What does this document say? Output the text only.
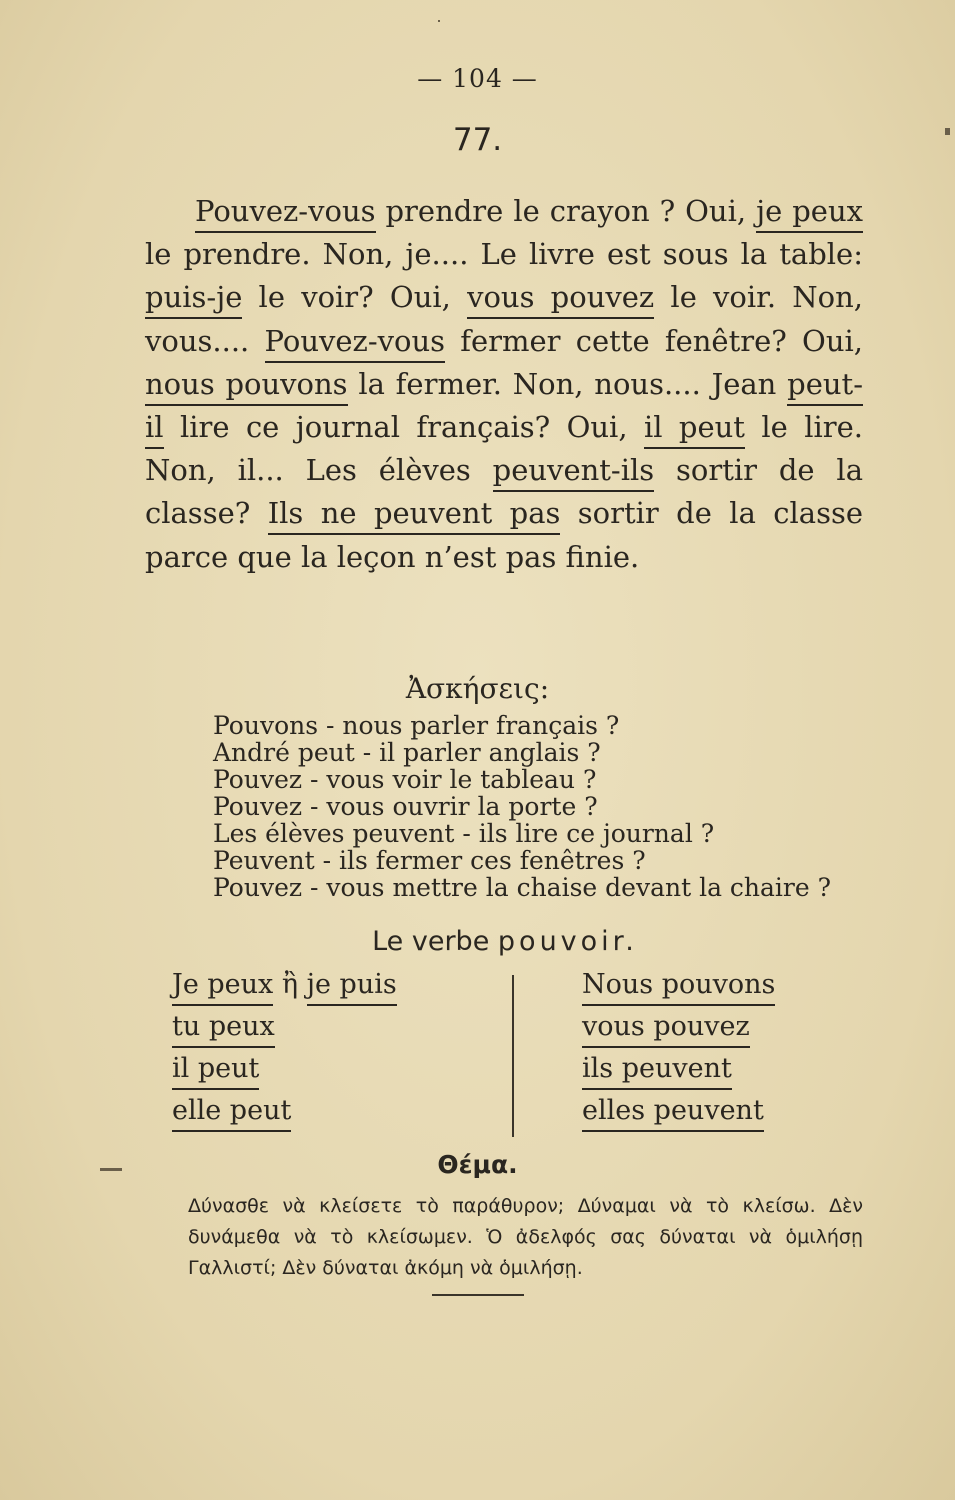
— 104 —
77.

Pouvez-vous prendre le crayon ? Oui, je peux le prendre. Non, je.... Le livre est sous la table: puis-je le voir? Oui, vous pouvez le voir. Non, vous.... Pouvez-vous fermer cette fenêtre? Oui, nous pouvons la fermer. Non, nous.... Jean peut-il lire ce journal français? Oui, il peut le lire. Non, il... Les élèves peuvent-ils sortir de la classe? Ils ne peuvent pas sortir de la classe parce que la leçon n’est pas finie.

Ἀσκήσεις:
Pouvons - nous parler français ?
André peut - il parler anglais ?
Pouvez - vous voir le tableau ?
Pouvez - vous ouvrir la porte ?
Les élèves peuvent - ils lire ce journal ?
Peuvent - ils fermer ces fenêtres ?
Pouvez - vous mettre la chaise devant la chaire ?
Le verbe pouvoir.
Je peux ἢ je puis
tu peux
il peut
elle peut
Nous pouvons
vous pouvez
ils peuvent
elles peuvent
Θέμα.

Δύνασθε νὰ κλείσετε τὸ παράθυρον; Δύναμαι νὰ τὸ κλείσω. Δὲν δυνάμεθα νὰ τὸ κλείσωμεν. Ὁ ἀδελφός σας δύναται νὰ ὁμιλήσῃ Γαλλιστί; Δὲν δύναται ἀκόμη νὰ ὁμιλήσῃ.
